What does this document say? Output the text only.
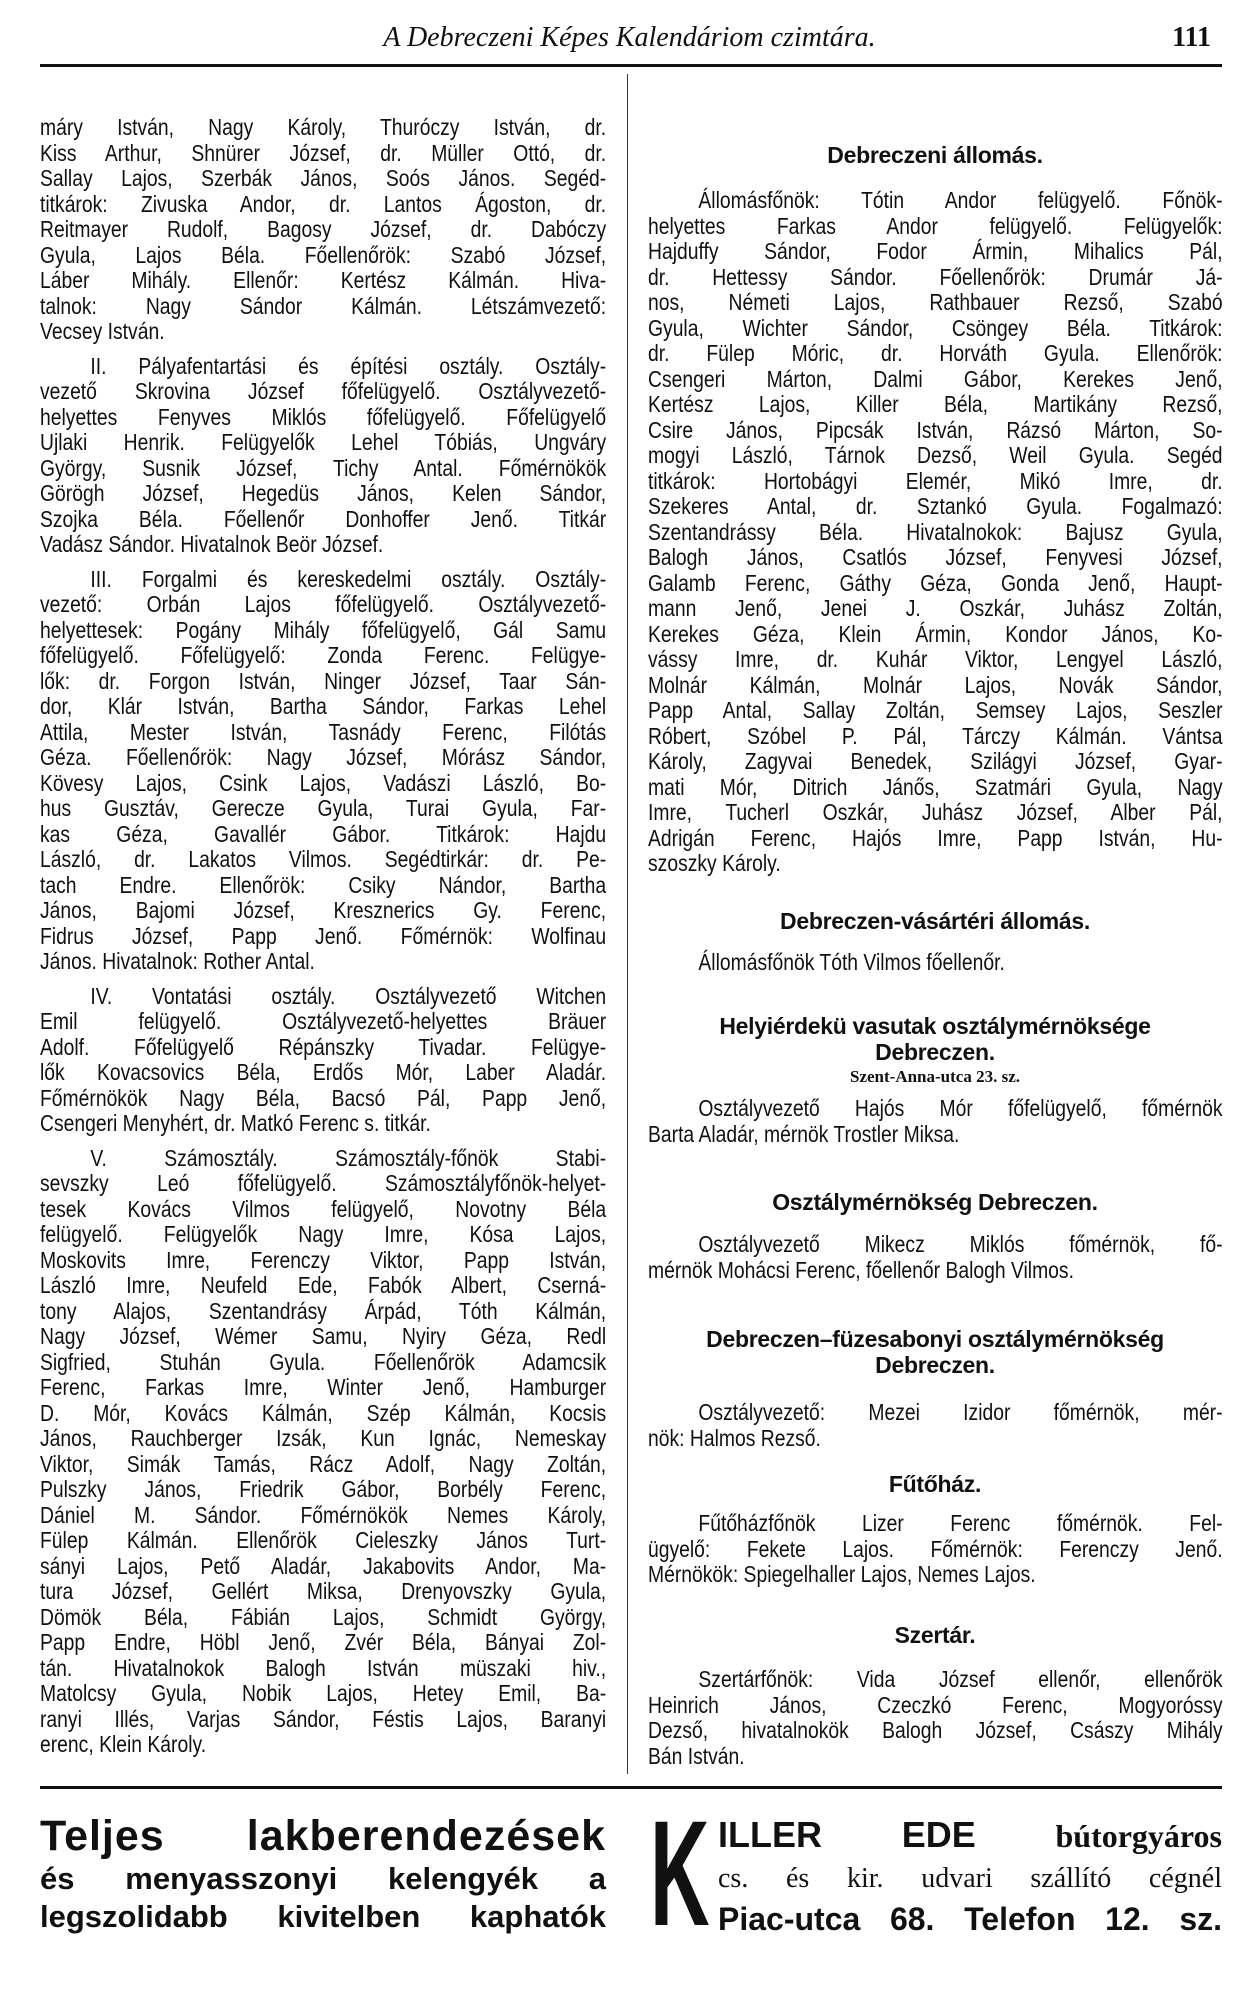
A Debreczeni Képes Kalendáriom czimtára.	111
máry István, Nagy Károly, Thuróczy István, dr.
Kiss Arthur, Shnürer József, dr. Müller Ottó, dr.
Sallay Lajos, Szerbák János, Soós János. Segéd-
titkárok: Zivuska Andor, dr. Lantos Ágoston, dr.
Reitmayer Rudolf, Bagosy József, dr. Dabóczy
Gyula, Lajos Béla. Főellenőrök: Szabó József,
Láber Mihály. Ellenőr: Kertész Kálmán. Hiva-
talnok: Nagy Sándor Kálmán. Létszámvezető:
Vecsey István.
II. Pályafentartási és építési osztály. Osztály-
vezető Skrovina József főfelügyelő. Osztályvezető-
helyettes Fenyves Miklós főfelügyelő. Főfelügyelő
Ujlaki Henrik. Felügyelők Lehel Tóbiás, Ungváry
György, Susnik József, Tichy Antal. Főmérnökök
Görögh József, Hegedüs János, Kelen Sándor,
Szojka Béla. Főellenőr Donhoffer Jenő. Titkár
Vadász Sándor. Hivatalnok Beör József.
III. Forgalmi és kereskedelmi osztály. Osztály-
vezető: Orbán Lajos főfelügyelő. Osztályvezető-
helyettesek: Pogány Mihály főfelügyelő, Gál Samu
főfelügyelő. Főfelügyelő: Zonda Ferenc. Felügye-
lők: dr. Forgon István, Ninger József, Taar Sán-
dor, Klár István, Bartha Sándor, Farkas Lehel
Attila, Mester István, Tasnády Ferenc, Filótás
Géza. Főellenőrök: Nagy József, Mórász Sándor,
Kövesy Lajos, Csink Lajos, Vadászi László, Bo-
hus Gusztáv, Gerecze Gyula, Turai Gyula, Far-
kas Géza, Gavallér Gábor. Titkárok: Hajdu
László, dr. Lakatos Vilmos. Segédtirkár: dr. Pe-
tach Endre. Ellenőrök: Csiky Nándor, Bartha
János, Bajomi József, Kresznerics Gy. Ferenc,
Fidrus József, Papp Jenő. Főmérnök: Wolfinau
János. Hivatalnok: Rother Antal.
IV. Vontatási osztály. Osztályvezető Witchen
Emil felügyelő. Osztályvezető-helyettes Bräuer
Adolf. Főfelügyelő Répánszky Tivadar. Felügye-
lők Kovacsovics Béla, Erdős Mór, Laber Aladár.
Főmérnökök Nagy Béla, Bacsó Pál, Papp Jenő,
Csengeri Menyhért, dr. Matkó Ferenc s. titkár.
V. Számosztály. Számosztály-főnök Stabi-
sevszky Leó főfelügyelő. Számosztályfőnök-helyet-
tesek Kovács Vilmos felügyelő, Novotny Béla
felügyelő. Felügyelők Nagy Imre, Kósa Lajos,
Moskovits Imre, Ferenczy Viktor, Papp István,
László Imre, Neufeld Ede, Fabók Albert, Cserná-
tony Alajos, Szentandrásy Árpád, Tóth Kálmán,
Nagy József, Wémer Samu, Nyiry Géza, Redl
Sigfried, Stuhán Gyula. Főellenőrök Adamcsik
Ferenc, Farkas Imre, Winter Jenő, Hamburger
D. Mór, Kovács Kálmán, Szép Kálmán, Kocsis
János, Rauchberger Izsák, Kun Ignác, Nemeskay
Viktor, Simák Tamás, Rácz Adolf, Nagy Zoltán,
Pulszky János, Friedrik Gábor, Borbély Ferenc,
Dániel M. Sándor. Főmérnökök Nemes Károly,
Fülep Kálmán. Ellenőrök Cieleszky János Turt-
sányi Lajos, Pető Aladár, Jakabovits Andor, Ma-
tura József, Gellért Miksa, Drenyovszky Gyula,
Dömök Béla, Fábián Lajos, Schmidt György,
Papp Endre, Höbl Jenő, Zvér Béla, Bányai Zol-
tán. Hivatalnokok Balogh István müszaki hiv.,
Matolcsy Gyula, Nobik Lajos, Hetey Emil, Ba-
ranyi Illés, Varjas Sándor, Féstis Lajos, Baranyi
erenc, Klein Károly.
Debreczeni állomás.
Állomásfőnök: Tótin Andor felügyelő. Főnök-
helyettes Farkas Andor felügyelő. Felügyelők:
Hajduffy Sándor, Fodor Ármin, Mihalics Pál,
dr. Hettessy Sándor. Főellenőrök: Drumár Já-
nos, Németi Lajos, Rathbauer Rezső, Szabó
Gyula, Wichter Sándor, Csöngey Béla. Titkárok:
dr. Fülep Móric, dr. Horváth Gyula. Ellenőrök:
Csengeri Márton, Dalmi Gábor, Kerekes Jenő,
Kertész Lajos, Killer Béla, Martikány Rezső,
Csire János, Pipcsák István, Rázsó Márton, So-
mogyi László, Tárnok Dezső, Weil Gyula. Segéd
titkárok: Hortobágyi Elemér, Mikó Imre, dr.
Szekeres Antal, dr. Sztankó Gyula. Fogalmazó:
Szentandrássy Béla. Hivatalnokok: Bajusz Gyula,
Balogh János, Csatlós József, Fenyvesi József,
Galamb Ferenc, Gáthy Géza, Gonda Jenő, Haupt-
mann Jenő, Jenei J. Oszkár, Juhász Zoltán,
Kerekes Géza, Klein Ármin, Kondor János, Ko-
vássy Imre, dr. Kuhár Viktor, Lengyel László,
Molnár Kálmán, Molnár Lajos, Novák Sándor,
Papp Antal, Sallay Zoltán, Semsey Lajos, Seszler
Róbert, Szóbel P. Pál, Tárczy Kálmán. Vántsa
Károly, Zagyvai Benedek, Szilágyi József, Gyar-
mati Mór, Ditrich Jánős, Szatmári Gyula, Nagy
Imre, Tucherl Oszkár, Juhász József, Alber Pál,
Adrigán Ferenc, Hajós Imre, Papp István, Hu-
szoszky Károly.
Debreczen-vásártéri állomás.
Állomásfőnök Tóth Vilmos főellenőr.
Helyiérdekü vasutak osztálymérnöksége
Debreczen.
Szent-Anna-utca 23. sz.
Osztályvezető Hajós Mór főfelügyelő, főmérnök
Barta Aladár, mérnök Trostler Miksa.
Osztálymérnökség Debreczen.
Osztályvezető Mikecz Miklós főmérnök, fő-
mérnök Mohácsi Ferenc, főellenőr Balogh Vilmos.
Debreczen–füzesabonyi osztálymérnökség
Debreczen.
Osztályvezető: Mezei Izidor főmérnök, mér-
nök: Halmos Rezső.
Fűtőház.
Fűtőházfőnök Lizer Ferenc főmérnök. Fel-
ügyelő: Fekete Lajos. Főmérnök: Ferenczy Jenő.
Mérnökök: Spiegelhaller Lajos, Nemes Lajos.
Szertár.
Szertárfőnök: Vida József ellenőr, ellenőrök
Heinrich János, Czeczkó Ferenc, Mogyoróssy
Dezső, hivatalnokök Balogh József, Császy Mihály
Bán István.
Teljes lakberendezések
és menyasszonyi kelengyék a
legszolidabb kivitelben kaphatók K ILLER EDE bútorgyáros
cs. és kir. udvari szállító cégnél
Piac-utca 68. Telefon 12. sz.
